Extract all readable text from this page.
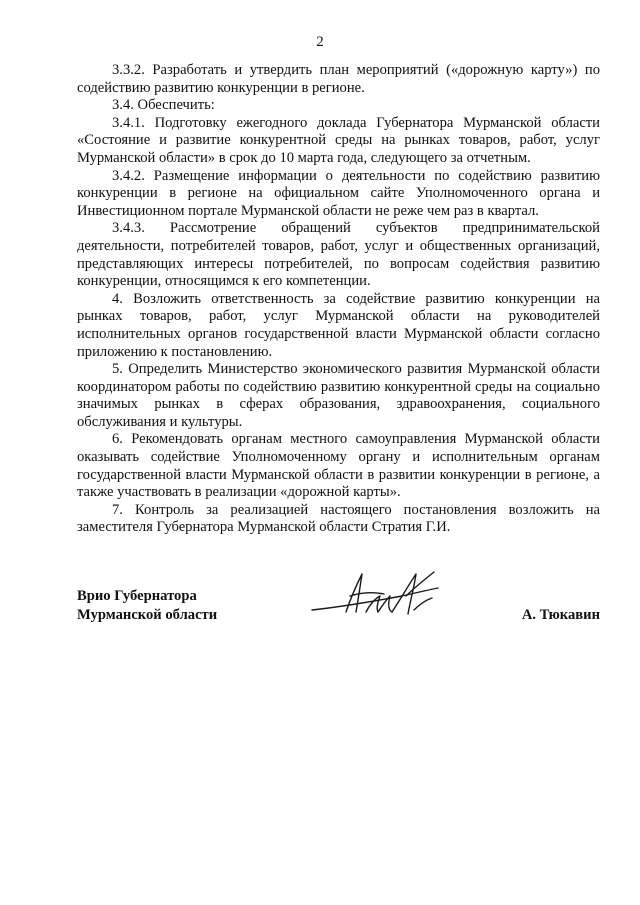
2

3.3.2. Разработать и утвердить план мероприятий («дорожную карту») по содействию развитию конкуренции в регионе.

3.4. Обеспечить:

3.4.1. Подготовку ежегодного доклада Губернатора Мурманской области «Состояние и развитие конкурентной среды на рынках товаров, работ, услуг Мурманской области» в срок до 10 марта года, следующего за отчетным.

3.4.2. Размещение информации о деятельности по содействию развитию конкуренции в регионе на официальном сайте Уполномоченного органа и Инвестиционном портале Мурманской области не реже чем раз в квартал.

3.4.3. Рассмотрение обращений субъектов предпринимательской деятельности, потребителей товаров, работ, услуг и общественных организаций, представляющих интересы потребителей, по вопросам содействия развитию конкуренции, относящимся к его компетенции.

4. Возложить ответственность за содействие развитию конкуренции на рынках товаров, работ, услуг Мурманской области на руководителей исполнительных органов государственной власти Мурманской области согласно приложению к постановлению.

5. Определить Министерство экономического развития Мурманской области координатором работы по содействию развитию конкурентной среды на социально значимых рынках в сферах образования, здравоохранения, социального обслуживания и культуры.

6. Рекомендовать органам местного самоуправления Мурманской области оказывать содействие Уполномоченному органу и исполнительным органам государственной власти Мурманской области в развитии конкуренции в регионе, а также участвовать в реализации «дорожной карты».

7. Контроль за реализацией настоящего постановления возложить на заместителя Губернатора Мурманской области Стратия Г.И.

Врио Губернатора
Мурманской области	А. Тюкавин
